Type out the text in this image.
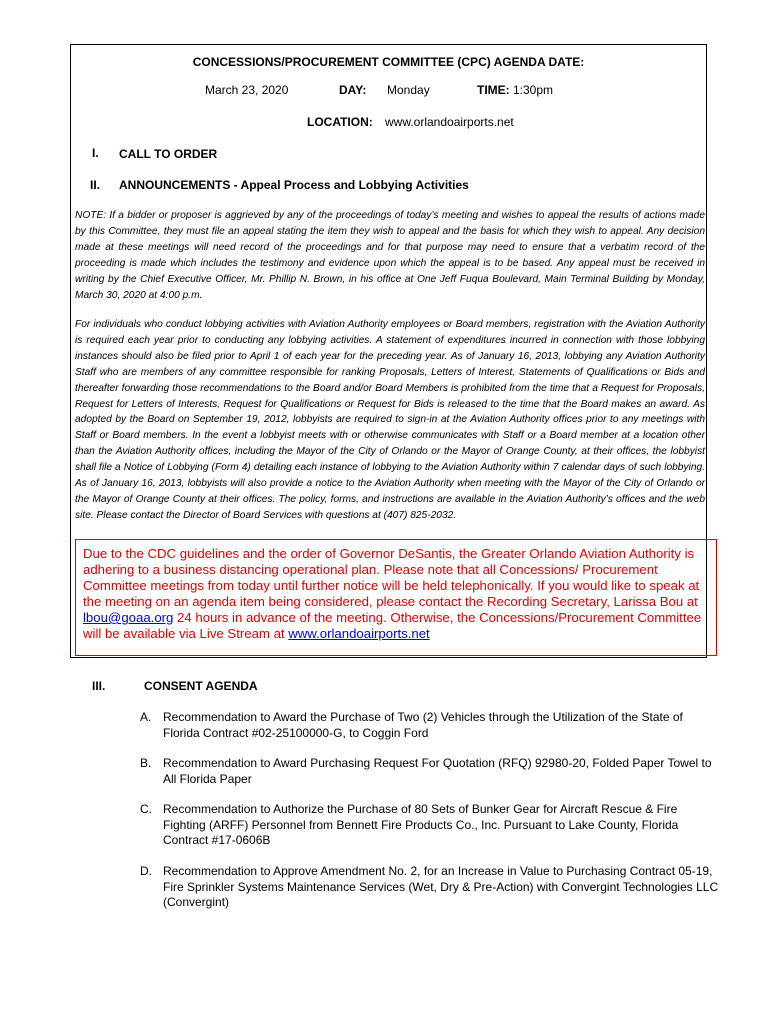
CONCESSIONS/PROCUREMENT COMMITTEE (CPC) AGENDA DATE:
March 23, 2020	DAY: Monday	TIME: 1:30pm
LOCATION: www.orlandoairports.net
I. CALL TO ORDER
II. ANNOUNCEMENTS - Appeal Process and Lobbying Activities
NOTE: If a bidder or proposer is aggrieved by any of the proceedings of today’s meeting and wishes to appeal the results of actions made by this Committee, they must file an appeal stating the item they wish to appeal and the basis for which they wish to appeal. Any decision made at these meetings will need record of the proceedings and for that purpose may need to ensure that a verbatim record of the proceeding is made which includes the testimony and evidence upon which the appeal is to be based. Any appeal must be received in writing by the Chief Executive Officer, Mr. Phillip N. Brown, in his office at One Jeff Fuqua Boulevard, Main Terminal Building by Monday, March 30, 2020 at 4:00 p.m.
For individuals who conduct lobbying activities with Aviation Authority employees or Board members, registration with the Aviation Authority is required each year prior to conducting any lobbying activities. A statement of expenditures incurred in connection with those lobbying instances should also be filed prior to April 1 of each year for the preceding year. As of January 16, 2013, lobbying any Aviation Authority Staff who are members of any committee responsible for ranking Proposals, Letters of Interest, Statements of Qualifications or Bids and thereafter forwarding those recommendations to the Board and/or Board Members is prohibited from the time that a Request for Proposals, Request for Letters of Interests, Request for Qualifications or Request for Bids is released to the time that the Board makes an award. As adopted by the Board on September 19, 2012, lobbyists are required to sign-in at the Aviation Authority offices prior to any meetings with Staff or Board members. In the event a lobbyist meets with or otherwise communicates with Staff or a Board member at a location other than the Aviation Authority offices, including the Mayor of the City of Orlando or the Mayor of Orange County, at their offices, the lobbyist shall file a Notice of Lobbying (Form 4) detailing each instance of lobbying to the Aviation Authority within 7 calendar days of such lobbying. As of January 16, 2013, lobbyists will also provide a notice to the Aviation Authority when meeting with the Mayor of the City of Orlando or the Mayor of Orange County at their offices. The policy, forms, and instructions are available in the Aviation Authority’s offices and the web site. Please contact the Director of Board Services with questions at (407) 825-2032.
Due to the CDC guidelines and the order of Governor DeSantis, the Greater Orlando Aviation Authority is adhering to a business distancing operational plan. Please note that all Concessions/ Procurement Committee meetings from today until further notice will be held telephonically. If you would like to speak at the meeting on an agenda item being considered, please contact the Recording Secretary, Larissa Bou at lbou@goaa.org 24 hours in advance of the meeting. Otherwise, the Concessions/Procurement Committee will be available via Live Stream at www.orlandoairports.net
III.	CONSENT AGENDA
A. Recommendation to Award the Purchase of Two (2) Vehicles through the Utilization of the State of Florida Contract #02-25100000-G, to Coggin Ford
B. Recommendation to Award Purchasing Request For Quotation (RFQ) 92980-20, Folded Paper Towel to All Florida Paper
C. Recommendation to Authorize the Purchase of 80 Sets of Bunker Gear for Aircraft Rescue & Fire Fighting (ARFF) Personnel from Bennett Fire Products Co., Inc. Pursuant to Lake County, Florida Contract #17-0606B
D. Recommendation to Approve Amendment No. 2, for an Increase in Value to Purchasing Contract 05-19, Fire Sprinkler Systems Maintenance Services (Wet, Dry & Pre-Action) with Convergint Technologies LLC (Convergint)
